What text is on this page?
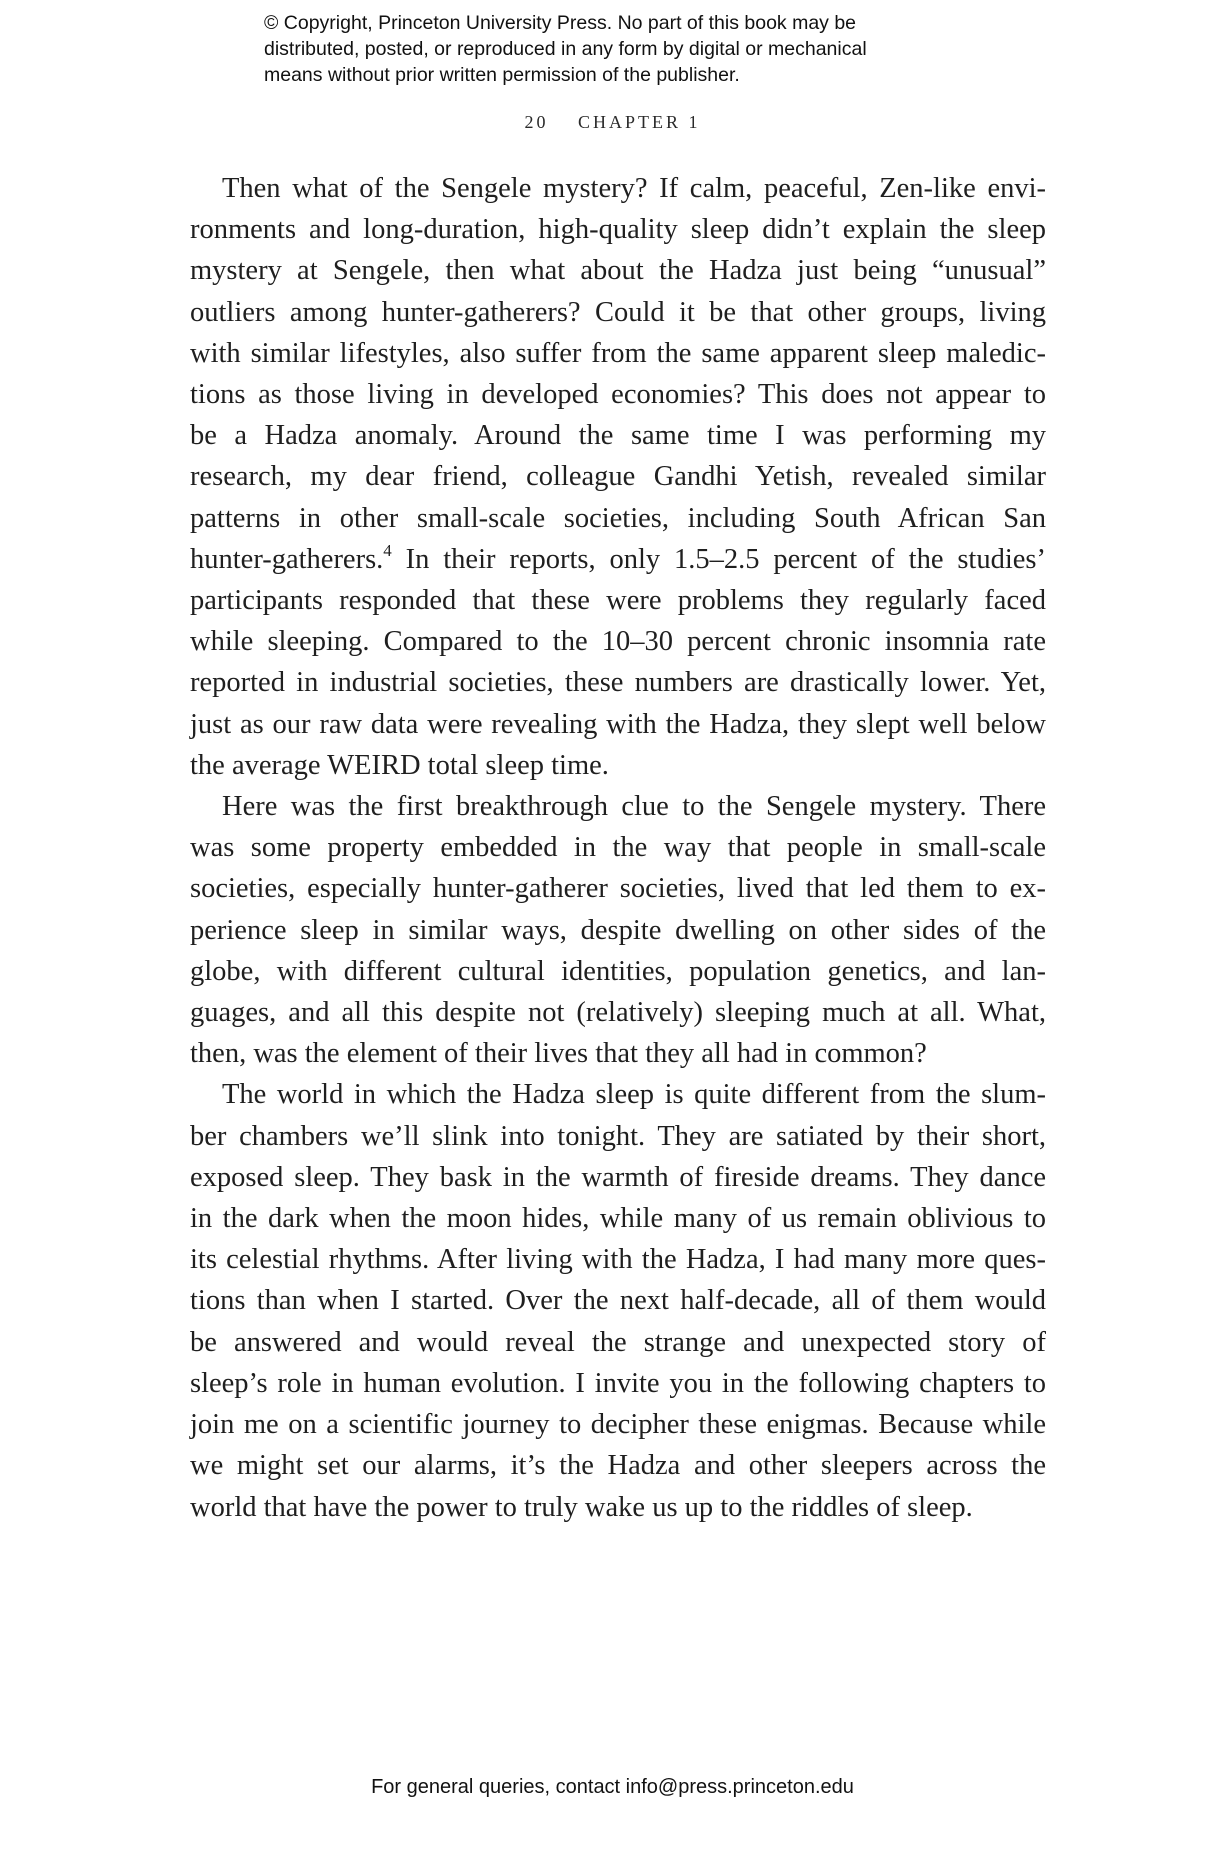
© Copyright, Princeton University Press. No part of this book may be
distributed, posted, or reproduced in any form by digital or mechanical
means without prior written permission of the publisher.
20 CHAPTER 1

Then what of the Sengele mystery? If calm, peaceful, Zen-like envi-
ronments and long-duration, high-quality sleep didn’t explain the sleep
mystery at Sengele, then what about the Hadza just being “unusual”
outliers among hunter-gatherers? Could it be that other groups, living
with similar lifestyles, also suffer from the same apparent sleep maledic-
tions as those living in developed economies? This does not appear to
be a Hadza anomaly. Around the same time I was performing my
research, my dear friend, colleague Gandhi Yetish, revealed similar
patterns in other small-scale societies, including South African San
hunter-gatherers.$^4$ In their reports, only 1.5–2.5 percent of the studies’
participants responded that these were problems they regularly faced
while sleeping. Compared to the 10–30 percent chronic insomnia rate
reported in industrial societies, these numbers are drastically lower. Yet,
just as our raw data were revealing with the Hadza, they slept well below
the average WEIRD total sleep time.

Here was the first breakthrough clue to the Sengele mystery. There
was some property embedded in the way that people in small-scale
societies, especially hunter-gatherer societies, lived that led them to ex-
perience sleep in similar ways, despite dwelling on other sides of the
globe, with different cultural identities, population genetics, and lan-
guages, and all this despite not (relatively) sleeping much at all. What,
then, was the element of their lives that they all had in common?

The world in which the Hadza sleep is quite different from the slum-
ber chambers we’ll slink into tonight. They are satiated by their short,
exposed sleep. They bask in the warmth of fireside dreams. They dance
in the dark when the moon hides, while many of us remain oblivious to
its celestial rhythms. After living with the Hadza, I had many more ques-
tions than when I started. Over the next half-decade, all of them would
be answered and would reveal the strange and unexpected story of
sleep’s role in human evolution. I invite you in the following chapters to
join me on a scientific journey to decipher these enigmas. Because while
we might set our alarms, it’s the Hadza and other sleepers across the
world that have the power to truly wake us up to the riddles of sleep.

For general queries, contact info@press.princeton.edu
